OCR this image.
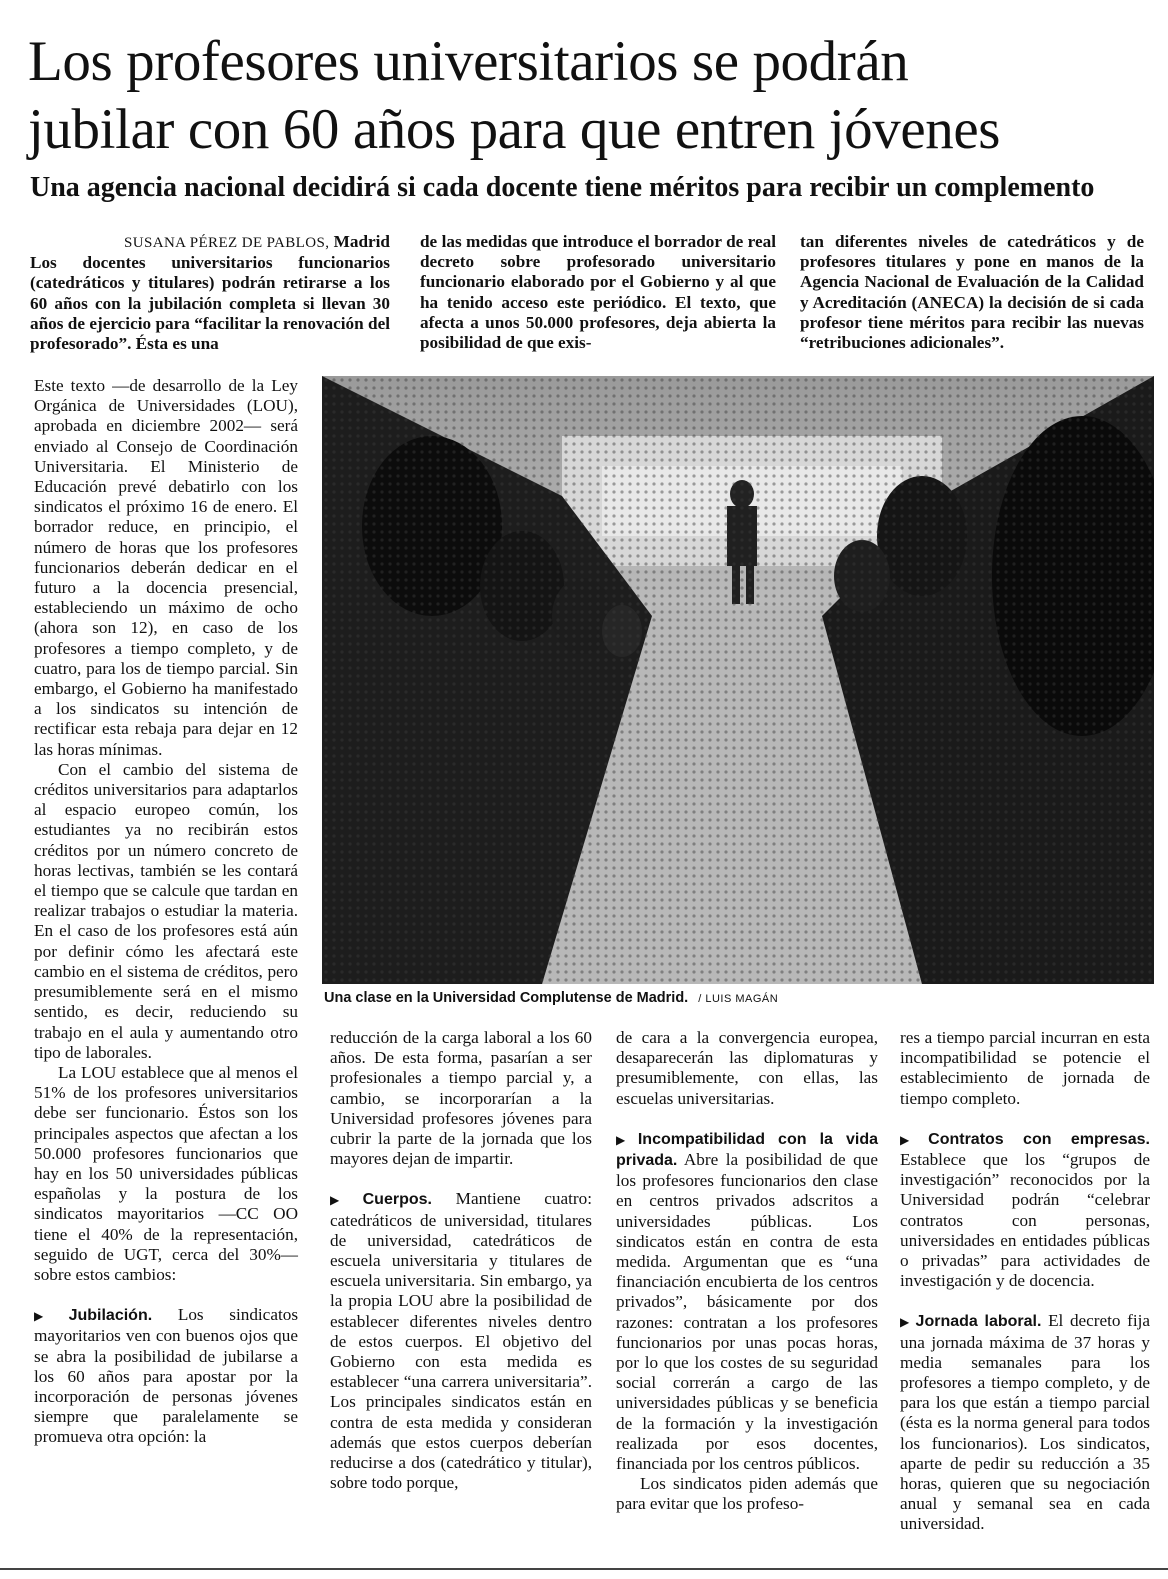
Los profesores universitarios se podrán
jubilar con 60 años para que entren jóvenes
Una agencia nacional decidirá si cada docente tiene méritos para recibir un complemento

SUSANA PÉREZ DE PABLOS, Madrid

Los docentes universitarios funcionarios (catedráticos y titulares) podrán retirarse a los 60 años con la jubilación completa si llevan 30 años de ejercicio para “facilitar la renovación del profesorado”. Ésta es una

de las medidas que introduce el borrador de real decreto sobre profesorado universitario funcionario elaborado por el Gobierno y al que ha tenido acceso este periódico. El texto, que afecta a unos 50.000 profesores, deja abierta la posibilidad de que exis-

tan diferentes niveles de catedráticos y de profesores titulares y pone en manos de la Agencia Nacional de Evaluación de la Calidad y Acreditación (ANECA) la decisión de si cada profesor tiene méritos para recibir las nuevas “retribuciones adicionales”.

Una clase en la Universidad Complutense de Madrid. / LUIS MAGÁN

Este texto —de desarrollo de la Ley Orgánica de Universidades (LOU), aprobada en diciembre 2002— será enviado al Consejo de Coordinación Universitaria. El Ministerio de Educación prevé debatirlo con los sindicatos el próximo 16 de enero. El borrador reduce, en principio, el número de horas que los profesores funcionarios deberán dedicar en el futuro a la docencia presencial, estableciendo un máximo de ocho (ahora son 12), en caso de los profesores a tiempo completo, y de cuatro, para los de tiempo parcial. Sin embargo, el Gobierno ha manifestado a los sindicatos su intención de rectificar esta rebaja para dejar en 12 las horas mínimas.

Con el cambio del sistema de créditos universitarios para adaptarlos al espacio europeo común, los estudiantes ya no recibirán estos créditos por un número concreto de horas lectivas, también se les contará el tiempo que se calcule que tardan en realizar trabajos o estudiar la materia. En el caso de los profesores está aún por definir cómo les afectará este cambio en el sistema de créditos, pero presumiblemente será en el mismo sentido, es decir, reduciendo su trabajo en el aula y aumentando otro tipo de laborales.

La LOU establece que al menos el 51% de los profesores universitarios debe ser funcionario. Éstos son los principales aspectos que afectan a los 50.000 profesores funcionarios que hay en los 50 universidades públicas españolas y la postura de los sindicatos mayoritarios —CC OO tiene el 40% de la representación, seguido de UGT, cerca del 30%— sobre estos cambios:

▶ Jubilación. Los sindicatos mayoritarios ven con buenos ojos que se abra la posibilidad de jubilarse a los 60 años para apostar por la incorporación de personas jóvenes siempre que paralelamente se promueva otra opción: la

reducción de la carga laboral a los 60 años. De esta forma, pasarían a ser profesionales a tiempo parcial y, a cambio, se incorporarían a la Universidad profesores jóvenes para cubrir la parte de la jornada que los mayores dejan de impartir.

▶ Cuerpos. Mantiene cuatro: catedráticos de universidad, titulares de universidad, catedráticos de escuela universitaria y titulares de escuela universitaria. Sin embargo, ya la propia LOU abre la posibilidad de establecer diferentes niveles dentro de estos cuerpos. El objetivo del Gobierno con esta medida es establecer “una carrera universitaria”. Los principales sindicatos están en contra de esta medida y consideran además que estos cuerpos deberían reducirse a dos (catedrático y titular), sobre todo porque,

de cara a la convergencia europea, desaparecerán las diplomaturas y presumiblemente, con ellas, las escuelas universitarias.

▶ Incompatibilidad con la vida privada. Abre la posibilidad de que los profesores funcionarios den clase en centros privados adscritos a universidades públicas. Los sindicatos están en contra de esta medida. Argumentan que es “una financiación encubierta de los centros privados”, básicamente por dos razones: contratan a los profesores funcionarios por unas pocas horas, por lo que los costes de su seguridad social correrán a cargo de las universidades públicas y se beneficia de la formación y la investigación realizada por esos docentes, financiada por los centros públicos.

Los sindicatos piden además que para evitar que los profeso-

res a tiempo parcial incurran en esta incompatibilidad se potencie el establecimiento de jornada de tiempo completo.

▶ Contratos con empresas. Establece que los “grupos de investigación” reconocidos por la Universidad podrán “celebrar contratos con personas, universidades en entidades públicas o privadas” para actividades de investigación y de docencia.

▶ Jornada laboral. El decreto fija una jornada máxima de 37 horas y media semanales para los profesores a tiempo completo, y de para los que están a tiempo parcial (ésta es la norma general para todos los funcionarios). Los sindicatos, aparte de pedir su reducción a 35 horas, quieren que su negociación anual y semanal sea en cada universidad.
